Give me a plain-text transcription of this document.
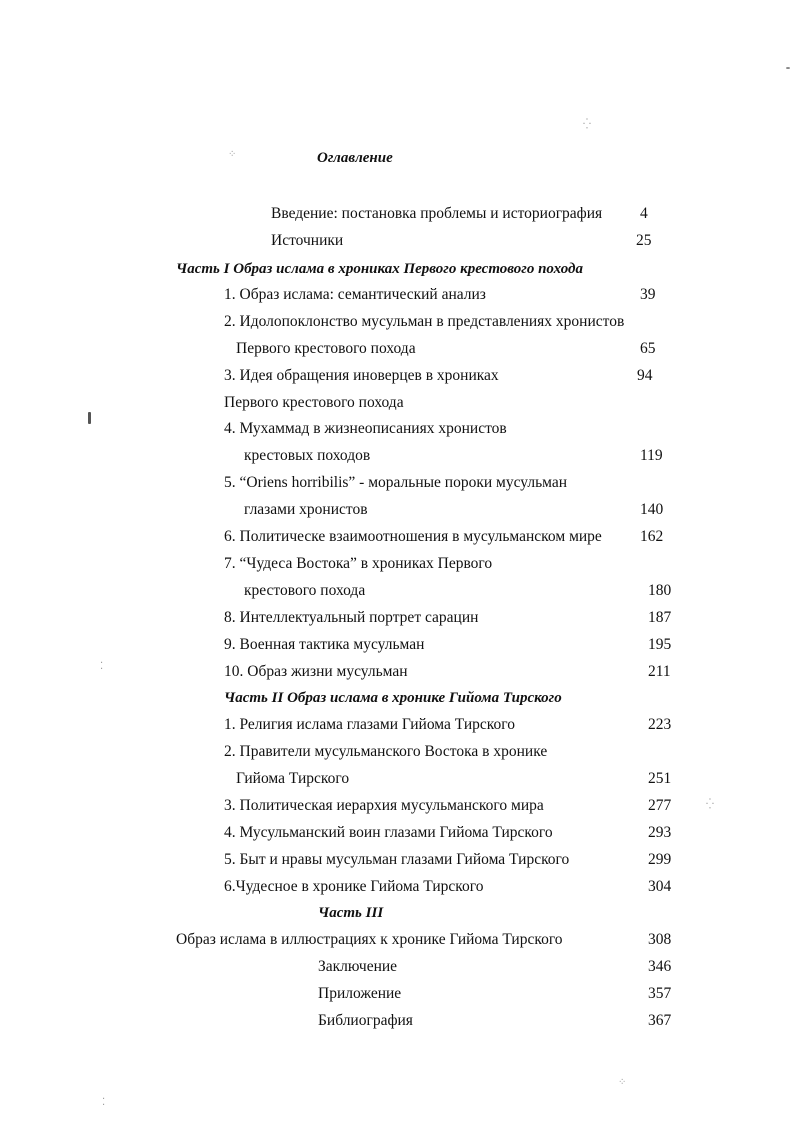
⁛
⁘
⁚
⁛
⁘
⁚
Оглавление
Введение: постановка проблемы и историография 4
Источники	25
Часть I Образ ислама в хрониках Первого крестового похода
1. Образ ислама: семантический анализ	39
2. Идолопоклонство мусульман в представлениях хронистов
Первого крестового похода	65
3. Идея обращения иноверцев в хрониках	94
Первого крестового похода
4. Мухаммад в жизнеописаниях хронистов
крестовых походов	119
5. “Oriens horribilis” - моральные пороки мусульман
глазами хронистов	140
6. Политическе взаимоотношения в мусульманском мире 162
7. “Чудеса Востока” в хрониках Первого
крестового похода	180
8. Интеллектуальный портрет сарацин	187
9. Военная тактика мусульман	195
10. Образ жизни мусульман	211
Часть II Образ ислама в хронике Гийома Тирского
1. Религия ислама глазами Гийома Тирского	223
2. Правители мусульманского Востока в хронике
Гийома Тирского	251
3. Политическая иерархия мусульманского мира	277
4. Мусульманский воин глазами Гийома Тирского	293
5. Быт и нравы мусульман глазами Гийома Тирского	299
6.Чудесное в хронике Гийома Тирского	304
Часть III
Образ ислама в иллюстрациях к хронике Гийома Тирского	308
Заключение	346
Приложение	357
Библиография	367
